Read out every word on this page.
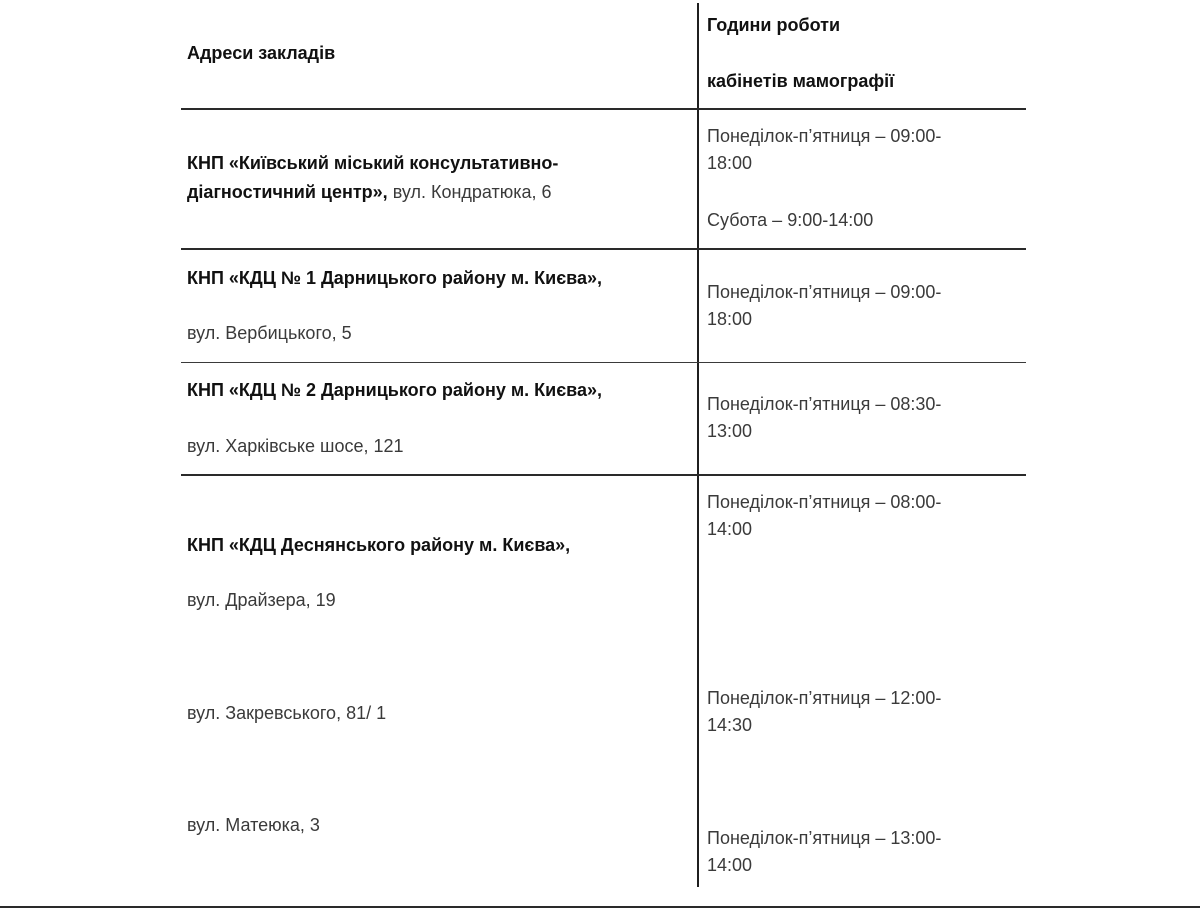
Адреси закладів
Години роботи
кабінетів мамографії
КНП «Київський міський консультативно-
діагностичний центр», вул. Кондратюка, 6
Понеділок-п’ятниця – 09:00-
18:00
Субота – 9:00-14:00
КНП «КДЦ № 1 Дарницького району м. Києва»,
вул. Вербицького, 5
Понеділок-п’ятниця – 09:00-
18:00
КНП «КДЦ № 2 Дарницького району м. Києва»,
вул. Харківське шосе, 121
Понеділок-п’ятниця – 08:30-
13:00
КНП «КДЦ Деснянського району м. Києва»,
вул. Драйзера, 19
вул. Закревського, 81/ 1
вул. Матеюка, 3
Понеділок-п’ятниця – 08:00-
14:00
Понеділок-п’ятниця – 12:00-
14:30
Понеділок-п’ятниця – 13:00-
14:00
